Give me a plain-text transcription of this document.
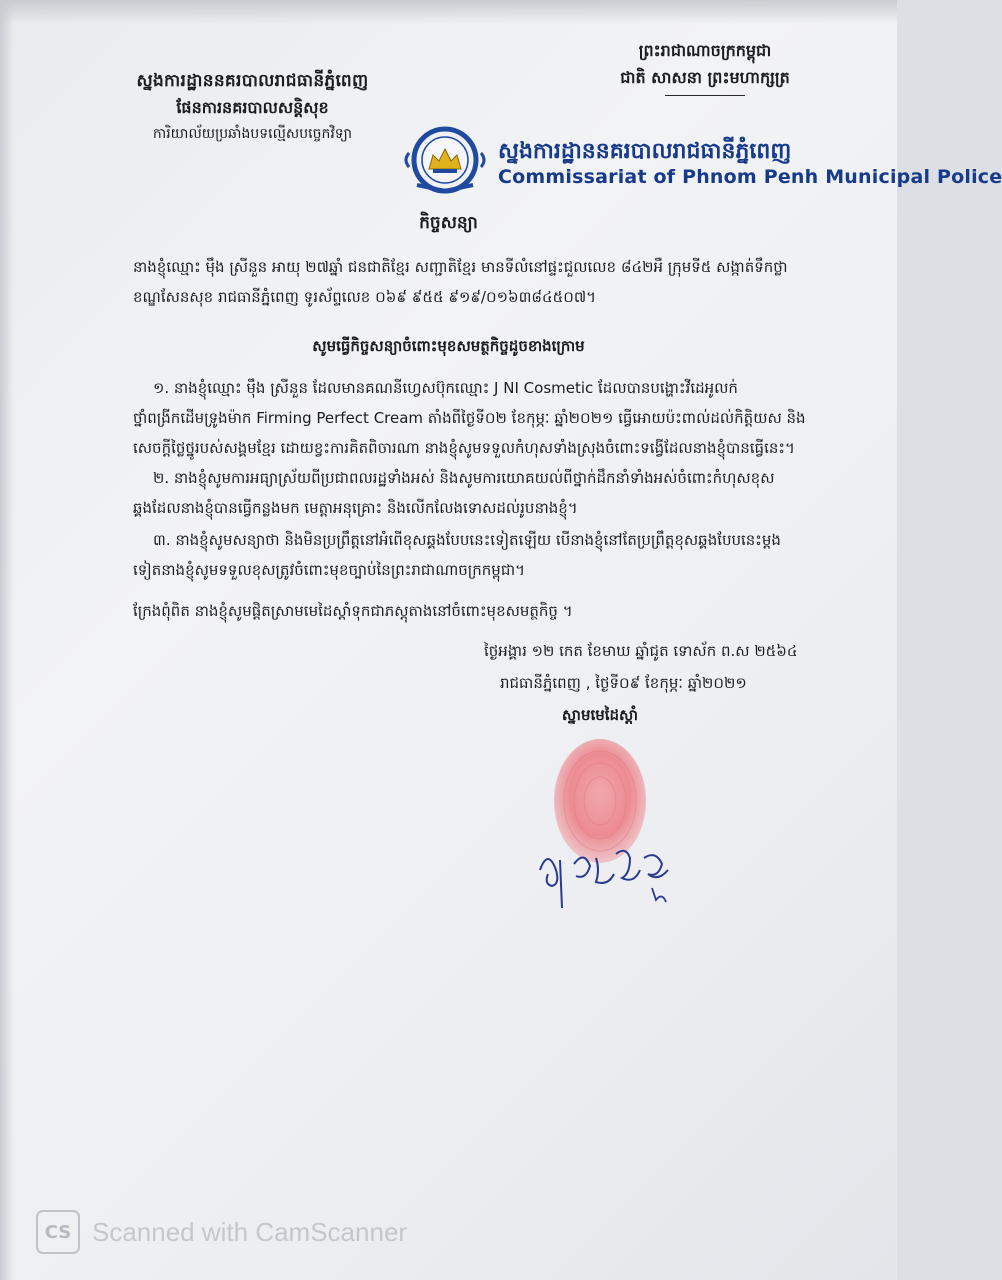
ស្នងការដ្ឋាននគរបាលរាជធានីភ្នំពេញ
ផែនការនគរបាលសន្តិសុខ
ការិយាល័យប្រឆាំងបទល្មើសបច្ចេកវិទ្យា
ព្រះរាជាណាចក្រកម្ពុជា
ជាតិ សាសនា ព្រះមហាក្សត្រ
ស្នងការដ្ឋាននគរបាលរាជធានីភ្នំពេញ
Commissariat of Phnom Penh Municipal Police
កិច្ចសន្យា
នាងខ្ញុំឈ្មោះ ម៉ឹង ស្រីនួន អាយុ ២៧ឆ្នាំ ជនជាតិខ្មែរ សញ្ជាតិខ្មែរ មានទីលំនៅផ្ទះជួលលេខ ៨៤២អឺ ក្រុមទី៥ សង្កាត់ទឹកថ្លា
ខណ្ឌសែនសុខ រាជធានីភ្នំពេញ ទូរស័ព្ទលេខ ០៦៩ ៩៥៥ ៩១៩/០១៦៣៨៤៥០៧។
សូមធ្វើកិច្ចសន្យាចំពោះមុខសមត្ថកិច្ចដូចខាងក្រោម
១. នាងខ្ញុំឈ្មោះ ម៉ឹង ស្រីនួន ដែលមានគណនីហ្វេសប៊ុកឈ្មោះ J NI Cosmetic ដែលបានបង្ហោះវីដេអូលក់
ថ្នាំពង្រីកដើមទ្រូងម៉ាក Firming Perfect Cream តាំងពីថ្ងៃទី០២ ខែកុម្ភៈ ឆ្នាំ២០២១ ធ្វើអោយប៉ះពាល់ដល់កិត្តិយស និង
សេចក្តីថ្លៃថ្នូរបស់សង្គមខ្មែរ ដោយខ្វះការគិតពិចារណា នាងខ្ញុំសូមទទួលកំហុសទាំងស្រុងចំពោះទង្វើដែលនាងខ្ញុំបានធ្វើនេះ។
២. នាងខ្ញុំសូមការអធ្យាស្រ័យពីប្រជាពលរដ្ឋទាំងអស់ និងសូមការយោគយល់ពីថ្នាក់ដឹកនាំទាំងអស់ចំពោះកំហុសខុស
ឆ្គងដែលនាងខ្ញុំបានធ្វើកន្លងមក មេត្តាអនុគ្រោះ និងលើកលែងទោសដល់រូបនាងខ្ញុំ។
៣. នាងខ្ញុំសូមសន្យាថា និងមិនប្រព្រឹត្តនៅអំពើខុសឆ្គងបែបនេះទៀតឡើយ បើនាងខ្ញុំនៅតែប្រព្រឹត្តខុសឆ្គងបែបនេះម្តង
ទៀតនាងខ្ញុំសូមទទួលខុសត្រូវចំពោះមុខច្បាប់នៃព្រះរាជាណាចក្រកម្ពុជា។
ក្រែងពុំពិត នាងខ្ញុំសូមផ្តិតស្រាមមេដៃស្តាំទុកជាភស្តុតាងនៅចំពោះមុខសមត្ថកិច្ច ។
ថ្ងៃអង្គារ ១២ កេត ខែមាឃ ឆ្នាំជូត ទោស័ក ព.ស ២៥៦៤
រាជធានីភ្នំពេញ , ថ្ងៃទី០៩ ខែកុម្ភៈ ឆ្នាំ២០២១
ស្នាមមេដៃស្តាំ
CS Scanned with CamScanner
